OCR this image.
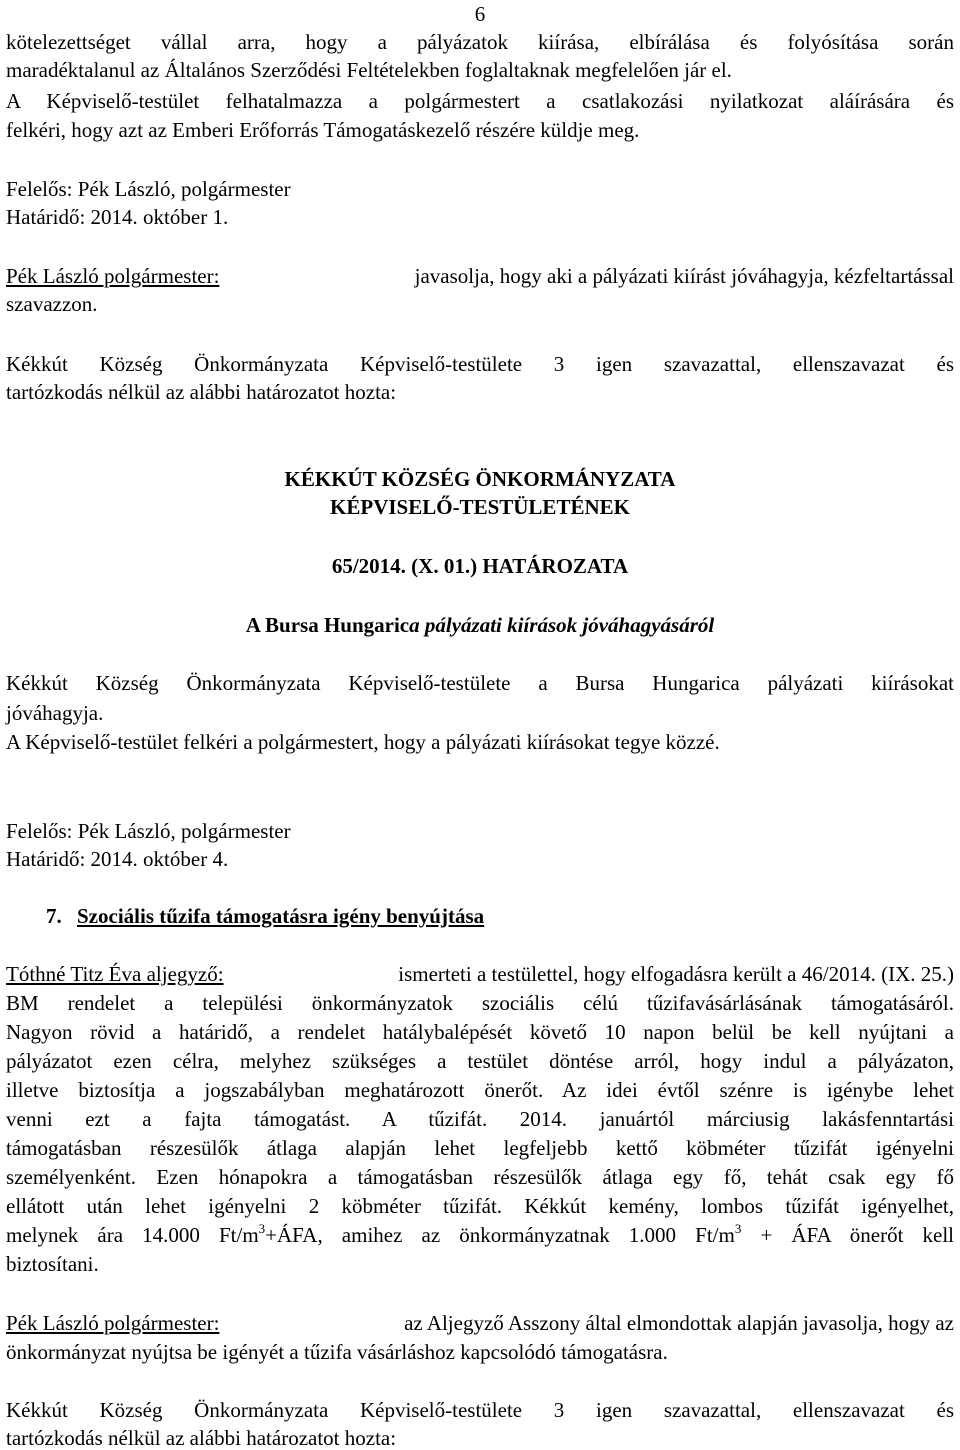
6
kötelezettséget vállal arra, hogy a pályázatok kiírása, elbírálása és folyósítása során
maradéktalanul az Általános Szerződési Feltételekben foglaltaknak megfelelően jár el.
A Képviselő-testület felhatalmazza a polgármestert a csatlakozási nyilatkozat aláírására és
felkéri, hogy azt az Emberi Erőforrás Támogatáskezelő részére küldje meg.
Felelős: Pék László, polgármester
Határidő: 2014. október 1.
Pék László polgármester:	javasolja, hogy aki a pályázati kiírást jóváhagyja, kézfeltartással
szavazzon.
Kékkút Község Önkormányzata Képviselő-testülete 3 igen szavazattal, ellenszavazat és
tartózkodás nélkül az alábbi határozatot hozta:
KÉKKÚT KÖZSÉG ÖNKORMÁNYZATA
KÉPVISELŐ-TESTÜLETÉNEK
65/2014. (X. 01.) HATÁROZATA
A Bursa Hungarica pályázati kiírások jóváhagyásáról
Kékkút Község Önkormányzata Képviselő-testülete a Bursa Hungarica pályázati kiírásokat
jóváhagyja.
A Képviselő-testület felkéri a polgármestert, hogy a pályázati kiírásokat tegye közzé.
Felelős: Pék László, polgármester
Határidő: 2014. október 4.
7. Szociális tűzifa támogatásra igény benyújtása
Tóthné Titz Éva aljegyző:	ismerteti a testülettel, hogy elfogadásra került a 46/2014. (IX. 25.)
BM rendelet a települési önkormányzatok szociális célú tűzifavásárlásának támogatásáról.
Nagyon rövid a határidő, a rendelet hatálybalépését követő 10 napon belül be kell nyújtani a
pályázatot ezen célra, melyhez szükséges a testület döntése arról, hogy indul a pályázaton,
illetve biztosítja a jogszabályban meghatározott önerőt. Az idei évtől szénre is igénybe lehet
venni ezt a fajta támogatást. A tűzifát. 2014. januártól márciusig lakásfenntartási
támogatásban részesülők átlaga alapján lehet legfeljebb kettő köbméter tűzifát igényelni
személyenként. Ezen hónapokra a támogatásban részesülők átlaga egy fő, tehát csak egy fő
ellátott után lehet igényelni 2 köbméter tűzifát. Kékkút kemény, lombos tűzifát igényelhet,
melynek ára 14.000 $Ft/m^3+ÁFA$, amihez az önkormányzatnak 1.000 $Ft/m^3$ + ÁFA önerőt kell
biztosítani.
Pék László polgármester:	az Aljegyző Asszony által elmondottak alapján javasolja, hogy az
önkormányzat nyújtsa be igényét a tűzifa vásárláshoz kapcsolódó támogatásra.
Kékkút Község Önkormányzata Képviselő-testülete 3 igen szavazattal, ellenszavazat és
tartózkodás nélkül az alábbi határozatot hozta:
